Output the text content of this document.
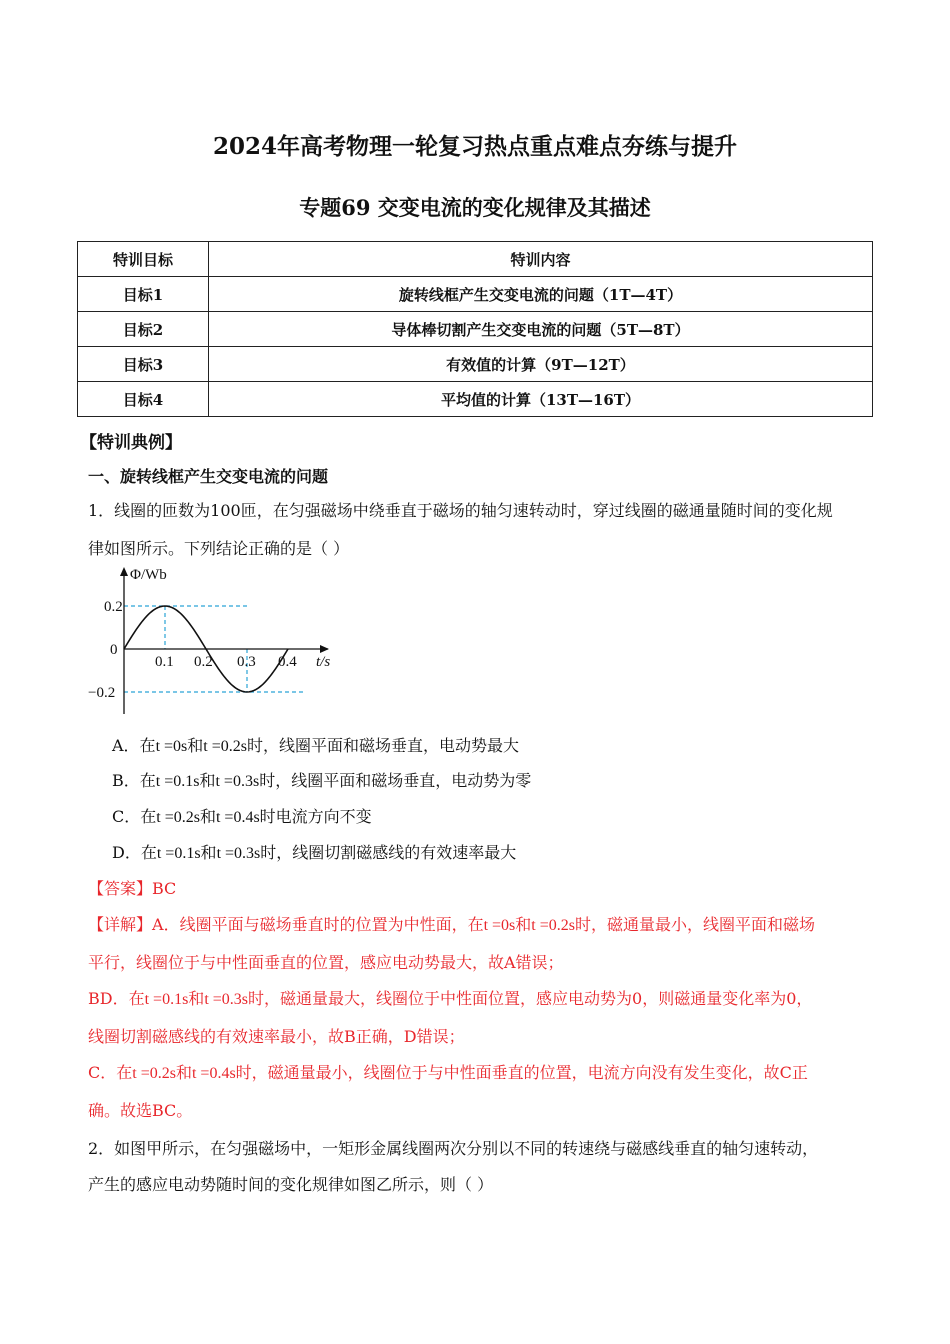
2024年高考物理一轮复习热点重点难点夯练与提升
专题69 交变电流的变化规律及其描述
特训目标	特训内容
目标1	旋转线框产生交变电流的问题（1T—4T）
目标2	导体棒切割产生交变电流的问题（5T—8T）
目标3	有效值的计算（9T—12T）
目标4	平均值的计算（13T—16T）
【特训典例】
一、旋转线框产生交变电流的问题
1．线圈的匝数为100匝，在匀强磁场中绕垂直于磁场的轴匀速转动时，穿过线圈的磁通量随时间的变化规
律如图所示。下列结论正确的是（ ）
0.2
0
−0.2
0.1 0.2 0.3 0.4
Φ/Wb
t/s
A．在t =0s和t =0.2s时，线圈平面和磁场垂直，电动势最大
B．在t =0.1s和t =0.3s时，线圈平面和磁场垂直，电动势为零
C．在t =0.2s和t =0.4s时电流方向不变
D．在t =0.1s和t =0.3s时，线圈切割磁感线的有效速率最大
【答案】BC
【详解】A．线圈平面与磁场垂直时的位置为中性面，在t =0s和t =0.2s时，磁通量最小，线圈平面和磁场
平行，线圈位于与中性面垂直的位置，感应电动势最大，故A错误；
BD．在t =0.1s和t =0.3s时，磁通量最大，线圈位于中性面位置，感应电动势为0，则磁通量变化率为0，
线圈切割磁感线的有效速率最小，故B正确，D错误；
C．在t =0.2s和t =0.4s时，磁通量最小，线圈位于与中性面垂直的位置，电流方向没有发生变化，故C正
确。故选BC。
2．如图甲所示，在匀强磁场中，一矩形金属线圈两次分别以不同的转速绕与磁感线垂直的轴匀速转动，
产生的感应电动势随时间的变化规律如图乙所示，则（ ）
